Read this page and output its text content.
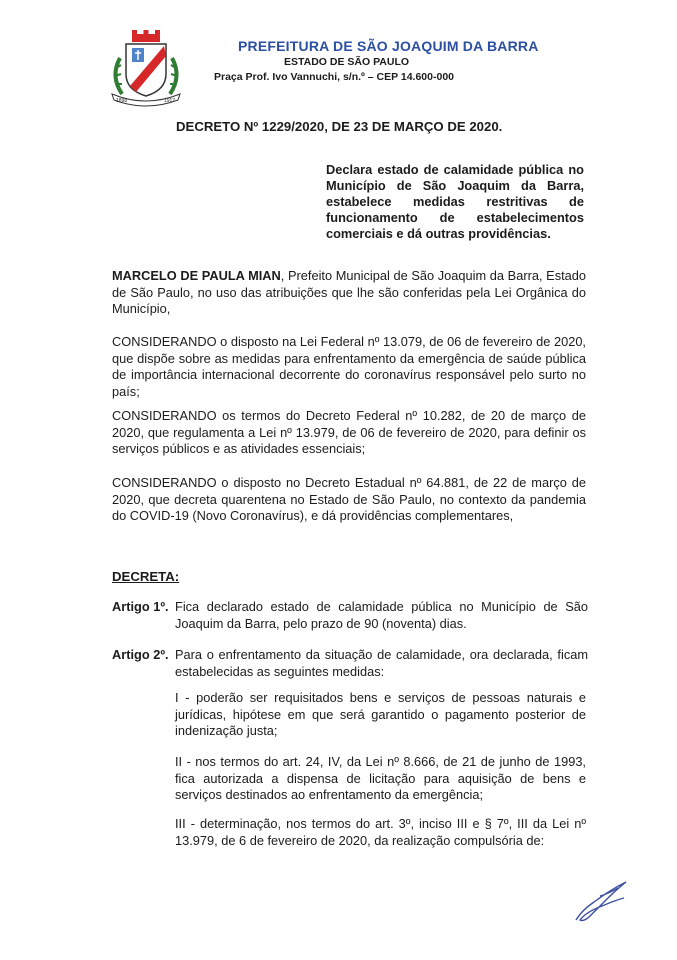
1898	1917
PREFEITURA DE SÃO JOAQUIM DA BARRA
ESTADO DE SÃO PAULO
Praça Prof. Ivo Vannuchi, s/n.º – CEP 14.600-000
DECRETO Nº 1229/2020, DE 23 DE MARÇO DE 2020.
Declara estado de calamidade pública no Município de São Joaquim da Barra, estabelece medidas restritivas de funcionamento de estabelecimentos comerciais e dá outras providências.

MARCELO DE PAULA MIAN, Prefeito Municipal de São Joaquim da Barra, Estado de São Paulo, no uso das atribuições que lhe são conferidas pela Lei Orgânica do Município,

CONSIDERANDO o disposto na Lei Federal nº 13.079, de 06 de fevereiro de 2020, que dispõe sobre as medidas para enfrentamento da emergência de saúde pública de importância internacional decorrente do coronavírus responsável pelo surto no país;

CONSIDERANDO os termos do Decreto Federal nº 10.282, de 20 de março de 2020, que regulamenta a Lei nº 13.979, de 06 de fevereiro de 2020, para definir os serviços públicos e as atividades essenciais;

CONSIDERANDO o disposto no Decreto Estadual nº 64.881, de 22 de março de 2020, que decreta quarentena no Estado de São Paulo, no contexto da pandemia do COVID-19 (Novo Coronavírus), e dá providências complementares,

DECRETA:
Artigo 1º. Fica declarado estado de calamidade pública no Município de São Joaquim da Barra, pelo prazo de 90 (noventa) dias.
Artigo 2º. Para o enfrentamento da situação de calamidade, ora declarada, ficam estabelecidas as seguintes medidas:
I - poderão ser requisitados bens e serviços de pessoas naturais e jurídicas, hipótese em que será garantido o pagamento posterior de indenização justa;
II - nos termos do art. 24, IV, da Lei nº 8.666, de 21 de junho de 1993, fica autorizada a dispensa de licitação para aquisição de bens e serviços destinados ao enfrentamento da emergência;
III - determinação, nos termos do art. 3º, inciso III e § 7º, III da Lei nº 13.979, de 6 de fevereiro de 2020, da realização compulsória de:
